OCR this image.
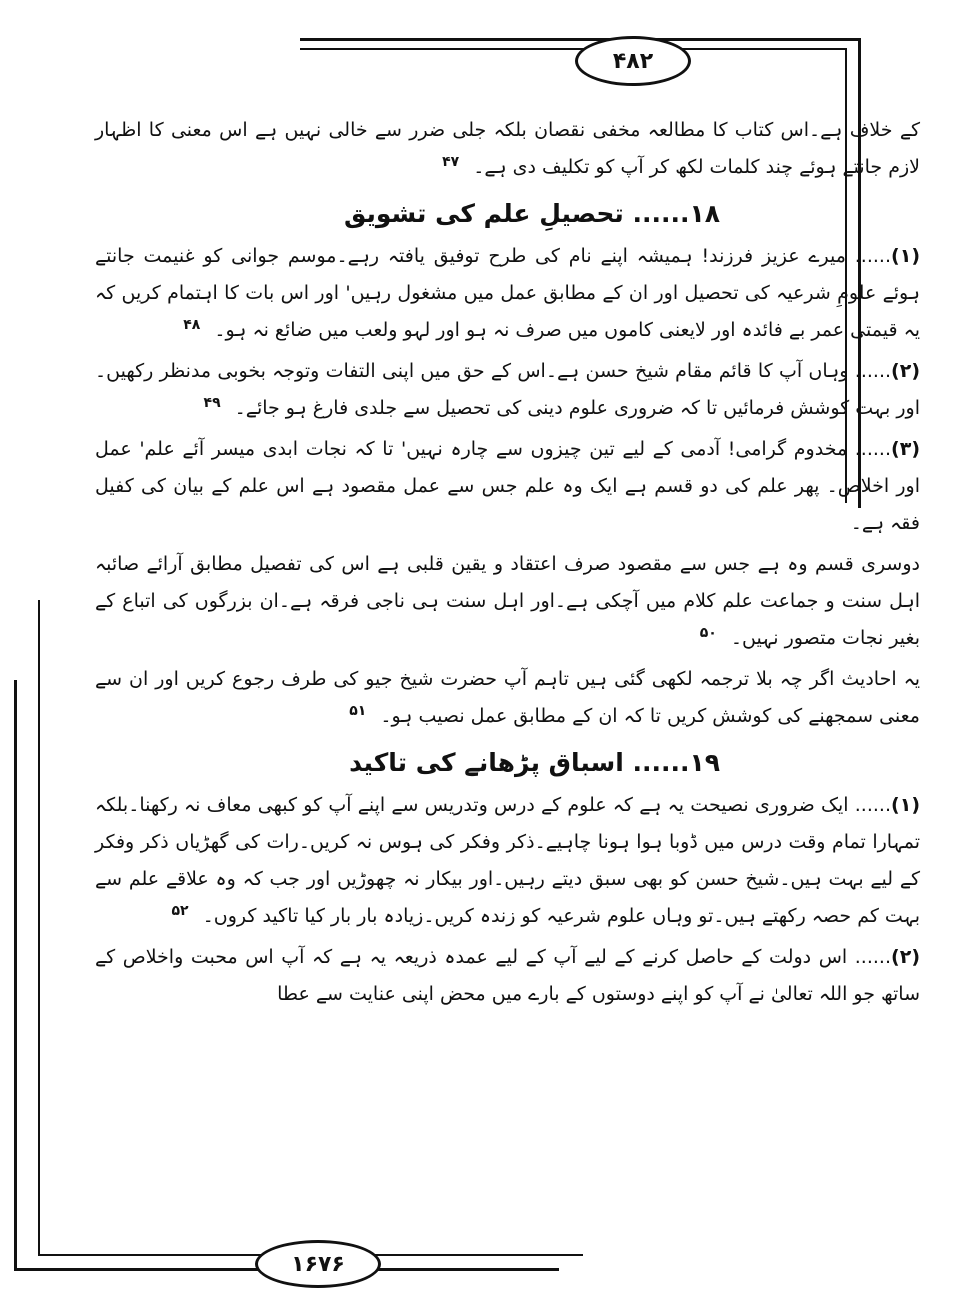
۴۸۲
۱۶۷۶

کے خلاف ہے۔اس کتاب کا مطالعہ مخفی نقصان بلکہ جلی ضرر سے خالی نہیں ہے اس معنی کا اظہار لازم جانتے ہوئے چند کلمات لکھ کر آپ کو تکلیف دی ہے۔ $^{۴۷}$

۱۸...... تحصیلِ علم کی تشویق

(۱)...... میرے عزیز فرزند! ہمیشہ اپنے نام کی طرح توفیق یافتہ رہے۔موسم جوانی کو غنیمت جانتے ہوئے علومِ شرعیہ کی تحصیل اور ان کے مطابق عمل میں مشغول رہیں' اور اس بات کا اہتمام کریں کہ یہ قیمتی عمر بے فائدہ اور لایعنی کاموں میں صرف نہ ہو اور لہو ولعب میں ضائع نہ ہو۔ $^{۴۸}$

(۲)...... وہاں آپ کا قائم مقام شیخ حسن ہے۔اس کے حق میں اپنی التفات وتوجہ بخوبی مدنظر رکھیں۔اور بہت کوشش فرمائیں تا کہ ضروری علوم دینی کی تحصیل سے جلدی فارغ ہو جائے۔ $^{۴۹}$

(۳)...... مخدوم گرامی! آدمی کے لیے تین چیزوں سے چارہ نہیں' تا کہ نجات ابدی میسر آئے علم' عمل اور اخلاص۔ پھر علم کی دو قسم ہے ایک وہ علم جس سے عمل مقصود ہے اس علم کے بیان کی کفیل فقہ ہے۔

دوسری قسم وہ ہے جس سے مقصود صرف اعتقاد و یقین قلبی ہے اس کی تفصیل مطابق آرائے صائبہ اہل سنت و جماعت علم کلام میں آچکی ہے۔اور اہل سنت ہی ناجی فرقہ ہے۔ان بزرگوں کی اتباع کے بغیر نجات متصور نہیں۔ $^{۵۰}$

یہ احادیث اگر چہ بلا ترجمہ لکھی گئی ہیں تاہم آپ حضرت شیخ جیو کی طرف رجوع کریں اور ان سے معنی سمجھنے کی کوشش کریں تا کہ ان کے مطابق عمل نصیب ہو۔ $^{۵۱}$

۱۹...... اسباق پڑھانے کی تاکید

(۱)...... ایک ضروری نصیحت یہ ہے کہ علوم کے درس وتدریس سے اپنے آپ کو کبھی معاف نہ رکھنا۔بلکہ تمہارا تمام وقت درس میں ڈوبا ہوا ہونا چاہیے۔ذکر وفکر کی ہوس نہ کریں۔رات کی گھڑیاں ذکر وفکر کے لیے بہت ہیں۔شیخ حسن کو بھی سبق دیتے رہیں۔اور بیکار نہ چھوڑیں اور جب کہ وہ علاقے علم سے بہت کم حصہ رکھتے ہیں۔تو وہاں علوم شرعیہ کو زندہ کریں۔زیادہ بار بار کیا تاکید کروں۔ $^{۵۲}$

(۲)...... اس دولت کے حاصل کرنے کے لیے آپ کے لیے عمدہ ذریعہ یہ ہے کہ آپ اس محبت واخلاص کے ساتھ جو اللہ تعالیٰ نے آپ کو اپنے دوستوں کے بارے میں محض اپنی عنایت سے عطا
